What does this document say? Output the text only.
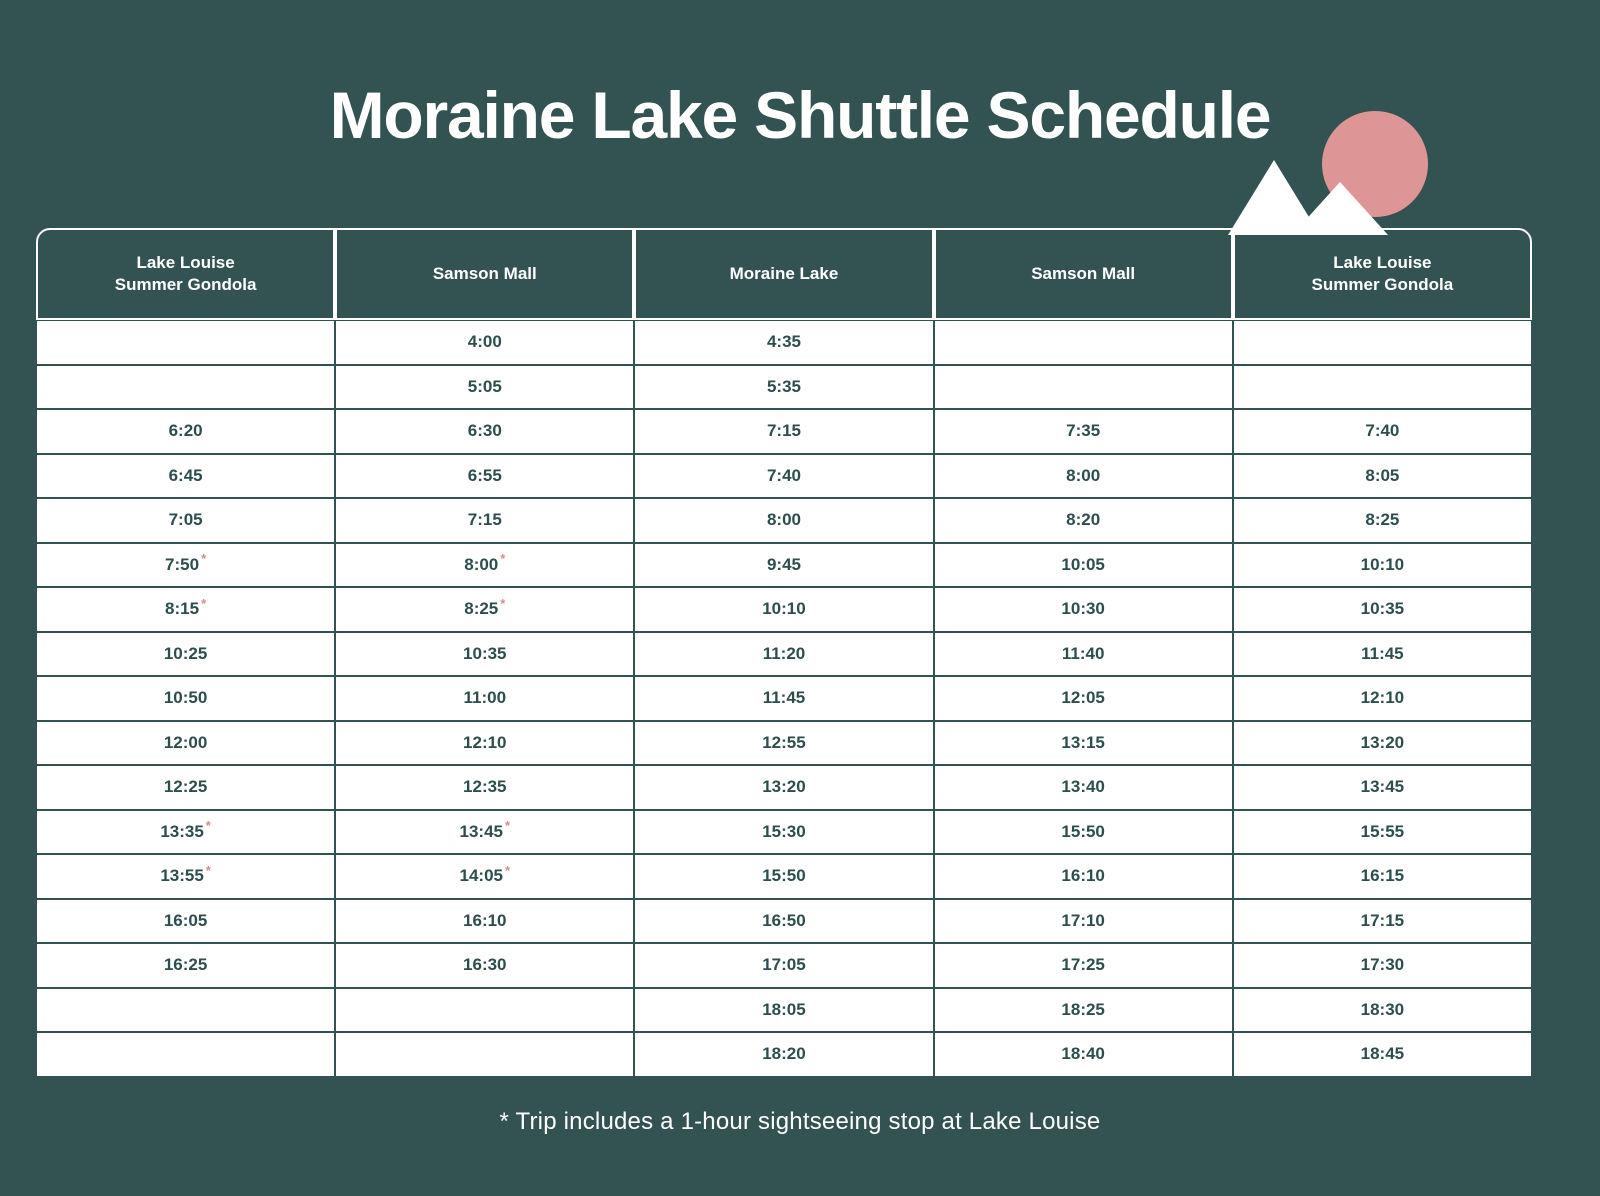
Moraine Lake Shuttle Schedule
Lake Louise
Summer Gondola	Samson Mall	Moraine Lake	Samson Mall	Lake Louise
Summer Gondola
	4:00	4:35		
	5:05	5:35		
6:20	6:30	7:15	7:35	7:40
6:45	6:55	7:40	8:00	8:05
7:05	7:15	8:00	8:20	8:25
7:50 *	8:00 *	9:45	10:05	10:10
8:15 *	8:25 *	10:10	10:30	10:35
10:25	10:35	11:20	11:40	11:45
10:50	11:00	11:45	12:05	12:10
12:00	12:10	12:55	13:15	13:20
12:25	12:35	13:20	13:40	13:45
13:35 *	13:45 *	15:30	15:50	15:55
13:55 *	14:05 *	15:50	16:10	16:15
16:05	16:10	16:50	17:10	17:15
16:25	16:30	17:05	17:25	17:30
		18:05	18:25	18:30
		18:20	18:40	18:45
* Trip includes a 1-hour sightseeing stop at Lake Louise
